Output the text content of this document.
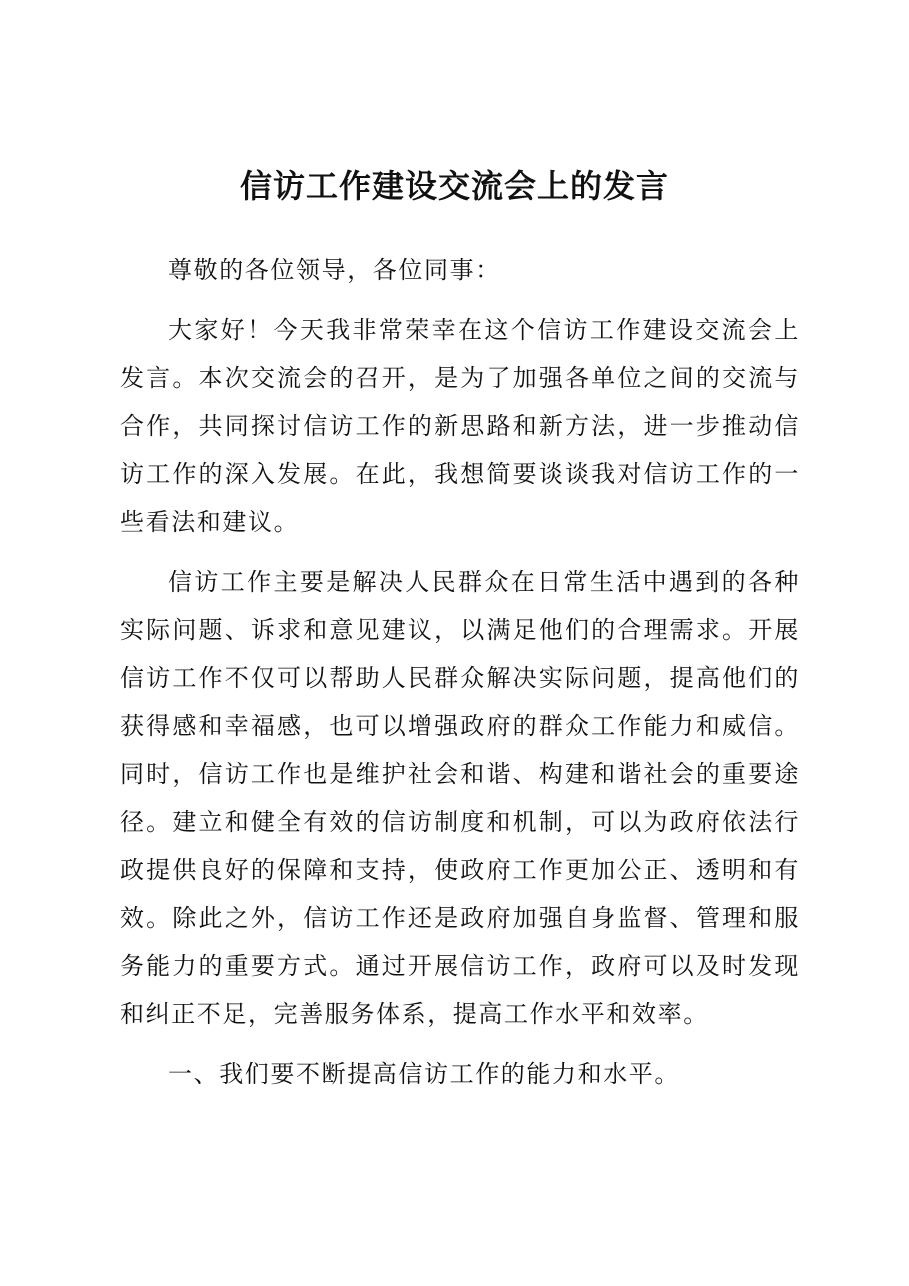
信访工作建设交流会上的发言

尊敬的各位领导，各位同事：

大家好！今天我非常荣幸在这个信访工作建设交流会上发言。本次交流会的召开，是为了加强各单位之间的交流与合作，共同探讨信访工作的新思路和新方法，进一步推动信访工作的深入发展。在此，我想简要谈谈我对信访工作的一些看法和建议。

信访工作主要是解决人民群众在日常生活中遇到的各种实际问题、诉求和意见建议，以满足他们的合理需求。开展信访工作不仅可以帮助人民群众解决实际问题，提高他们的获得感和幸福感，也可以增强政府的群众工作能力和威信。同时，信访工作也是维护社会和谐、构建和谐社会的重要途径。建立和健全有效的信访制度和机制，可以为政府依法行政提供良好的保障和支持，使政府工作更加公正、透明和有效。除此之外，信访工作还是政府加强自身监督、管理和服务能力的重要方式。通过开展信访工作，政府可以及时发现和纠正不足，完善服务体系，提高工作水平和效率。

一、我们要不断提高信访工作的能力和水平。
